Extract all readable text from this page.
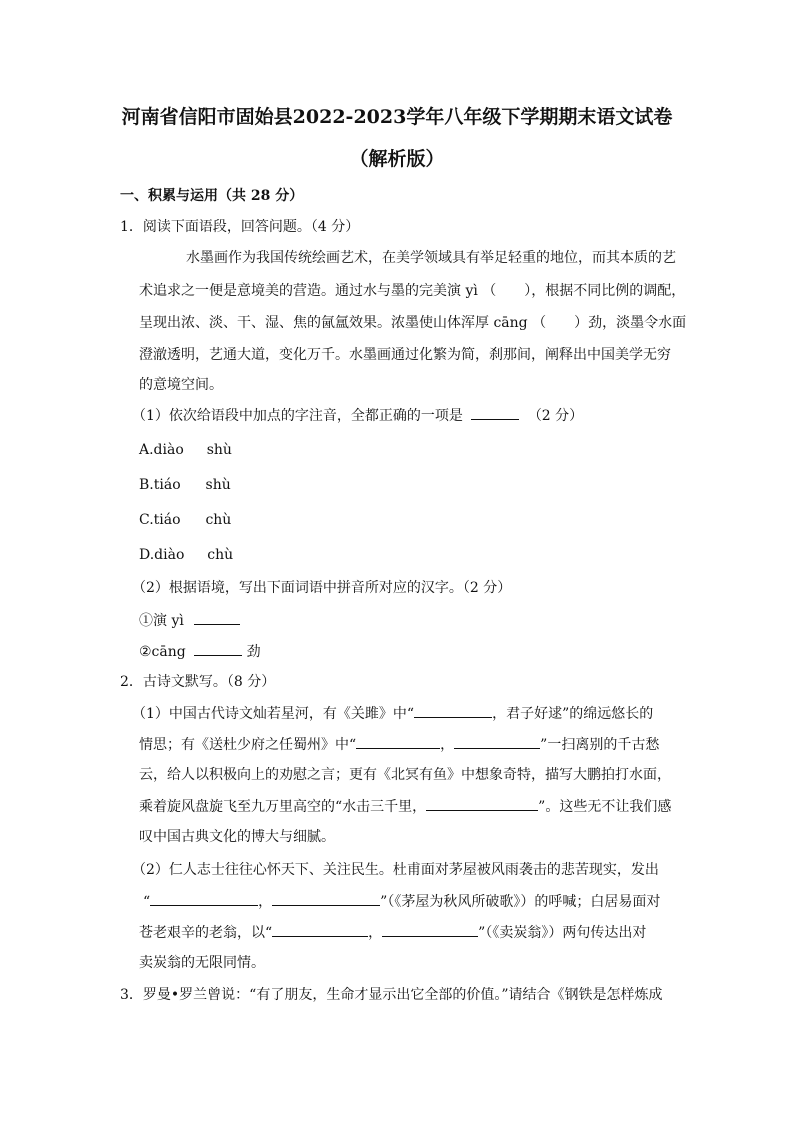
河南省信阳市固始县2022-2023学年八年级下学期期末语文试卷
（解析版）
一、积累与运用（共 28 分）
1．阅读下面语段，回答问题。（4 分）
水墨画作为我国传统绘画艺术，在美学领域具有举足轻重的地位，而其本质的艺
术追求之一便是意境美的营造。通过水与墨的完美演 yì （　　），根据不同比例的调配，
呈现出浓、淡、干、湿、焦的氤氲效果。浓墨使山体浑厚 cāng （　　）劲，淡墨令水面
澄澈透明，艺通大道，变化万千。水墨画通过化繁为简，刹那间，阐释出中国美学无穷
的意境空间。
（1）依次给语段中加点的字注音，全都正确的一项是	（2 分）
A.diào shù
B.tiáo shù
C.tiáo chù
D.diào chù
（2）根据语境，写出下面词语中拼音所对应的汉字。（2 分）
①演 yì
②cāng	劲
2．古诗文默写。（8 分）
（1）中国古代诗文灿若星河，有《关雎》中“	，君子好逑”的绵远悠长的
情思；有《送杜少府之任蜀州》中“	，	”一扫离别的千古愁
云，给人以积极向上的劝慰之言；更有《北冥有鱼》中想象奇特，描写大鹏拍打水面，
乘着旋风盘旋飞至九万里高空的“水击三千里，	”。这些无不让我们感
叹中国古典文化的博大与细腻。
（2）仁人志士往往心怀天下、关注民生。杜甫面对茅屋被风雨袭击的悲苦现实，发出
“	，	”（《茅屋为秋风所破歌》）的呼喊；白居易面对
苍老艰辛的老翁，以“	，	”（《卖炭翁》）两句传达出对
卖炭翁的无限同情。
3．罗曼•罗兰曾说：“有了朋友，生命才显示出它全部的价值。”请结合《钢铁是怎样炼成
